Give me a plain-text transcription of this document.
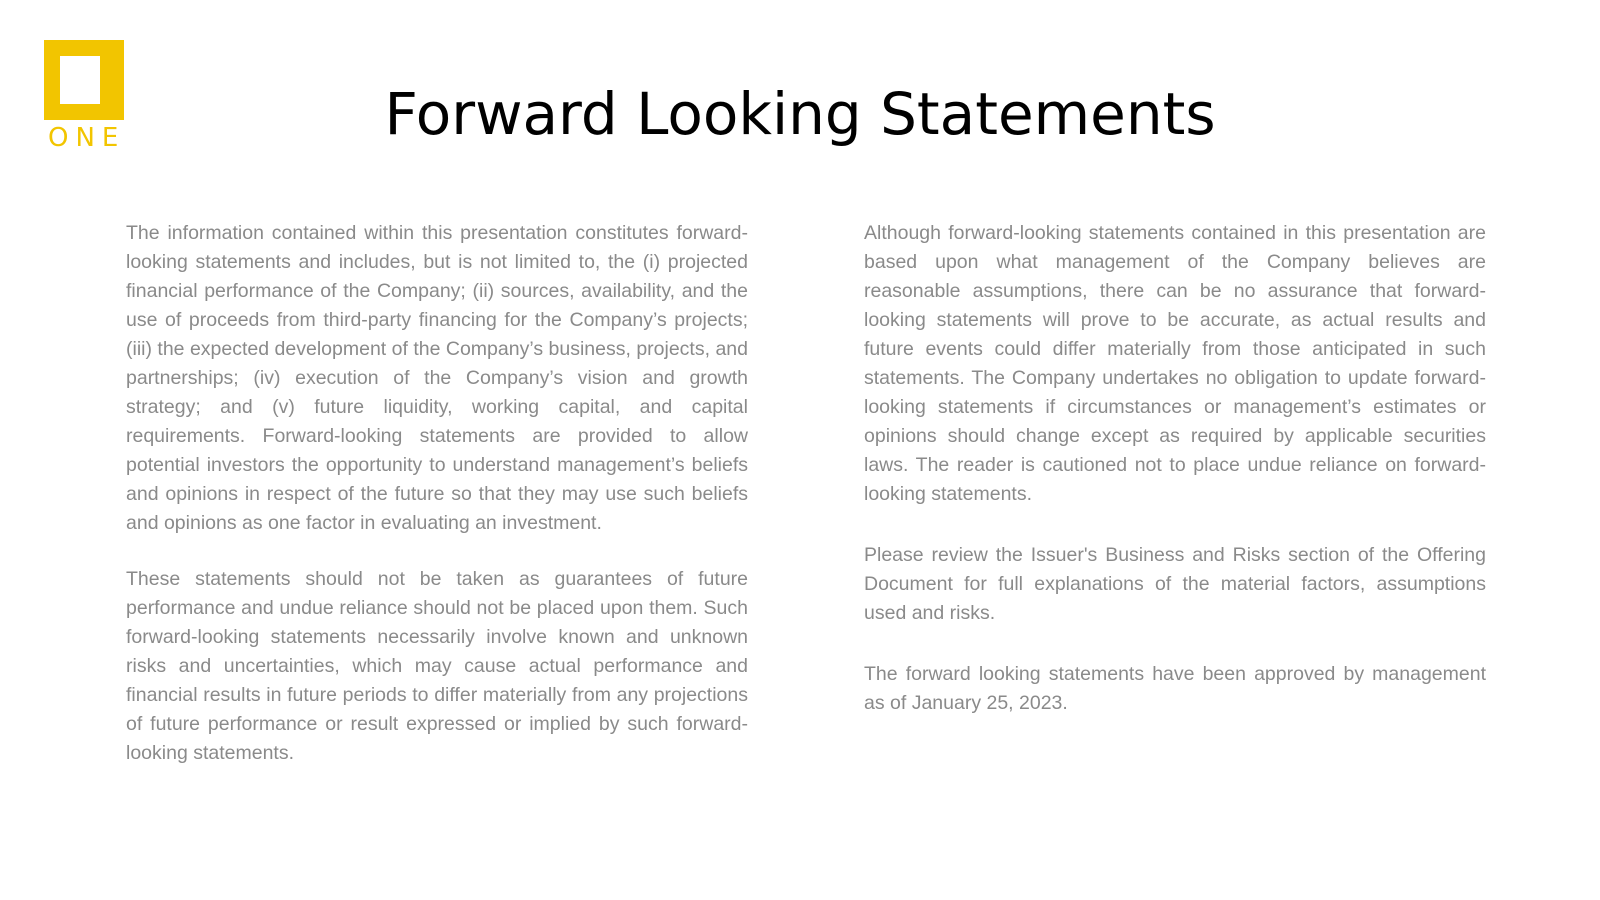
ONE	Forward Looking Statements

The information contained within this presentation constitutes forward-looking statements and includes, but is not limited to, the (i) projected financial performance of the Company; (ii) sources, availability, and the use of proceeds from third-party financing for the Company’s projects; (iii) the expected development of the Company’s business, projects, and partnerships; (iv) execution of the Company’s vision and growth strategy; and (v) future liquidity, working capital, and capital requirements. Forward-looking statements are provided to allow potential investors the opportunity to understand management’s beliefs and opinions in respect of the future so that they may use such beliefs and opinions as one factor in evaluating an investment.

These statements should not be taken as guarantees of future performance and undue reliance should not be placed upon them. Such forward-looking statements necessarily involve known and unknown risks and uncertainties, which may cause actual performance and financial results in future periods to differ materially from any projections of future performance or result expressed or implied by such forward-looking statements.

Although forward-looking statements contained in this presentation are based upon what management of the Company believes are reasonable assumptions, there can be no assurance that forward- looking statements will prove to be accurate, as actual results and future events could differ materially from those anticipated in such statements. The Company undertakes no obligation to update forward-looking statements if circumstances or management’s estimates or opinions should change except as required by applicable securities laws. The reader is cautioned not to place undue reliance on forward-looking statements.

Please review the Issuer's Business and Risks section of the Offering Document for full explanations of the material factors, assumptions used and risks.

The forward looking statements have been approved by management as of January 25, 2023.
